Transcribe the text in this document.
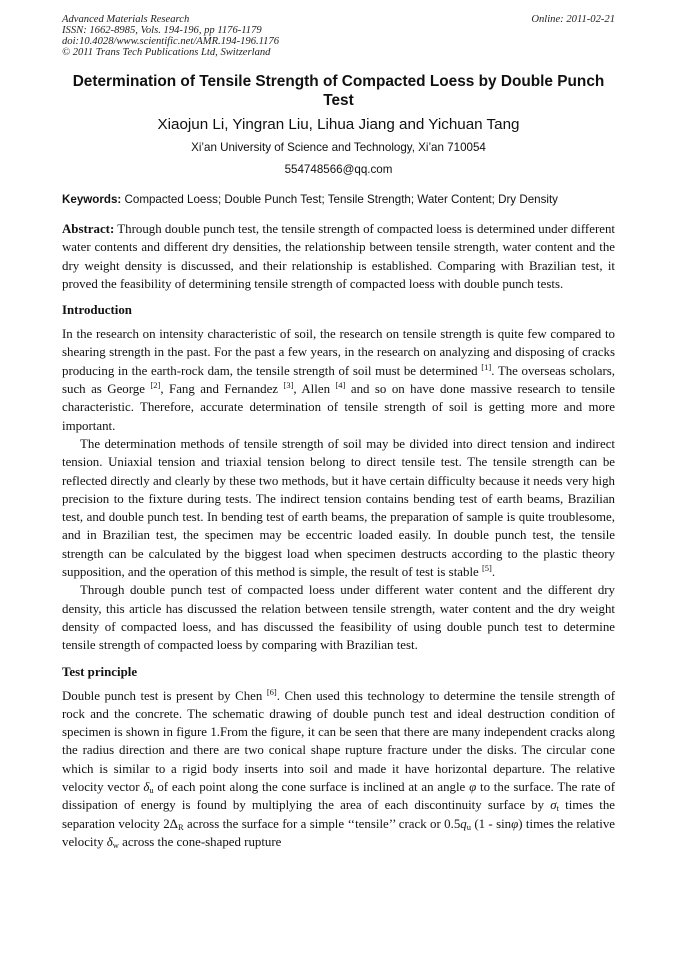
Advanced Materials Research
ISSN: 1662-8985, Vols. 194-196, pp 1176-1179
doi:10.4028/www.scientific.net/AMR.194-196.1176
© 2011 Trans Tech Publications Ltd, Switzerland
Online: 2011-02-21
Determination of Tensile Strength of Compacted Loess by Double Punch Test
Xiaojun Li, Yingran Liu, Lihua Jiang and Yichuan Tang
Xi’an University of Science and Technology, Xi’an 710054
554748566@qq.com
Keywords: Compacted Loess; Double Punch Test; Tensile Strength; Water Content; Dry Density

Abstract: Through double punch test, the tensile strength of compacted loess is determined under different water contents and different dry densities, the relationship between tensile strength, water content and the dry weight density is discussed, and their relationship is established. Comparing with Brazilian test, it proved the feasibility of determining tensile strength of compacted loess with double punch tests.

Introduction

In the research on intensity characteristic of soil, the research on tensile strength is quite few compared to shearing strength in the past. For the past a few years, in the research on analyzing and disposing of cracks producing in the earth-rock dam, the tensile strength of soil must be determined [1]. The overseas scholars, such as George [2], Fang and Fernandez [3], Allen [4] and so on have done massive research to tensile characteristic. Therefore, accurate determination of tensile strength of soil is getting more and more important.

The determination methods of tensile strength of soil may be divided into direct tension and indirect tension. Uniaxial tension and triaxial tension belong to direct tensile test. The tensile strength can be reflected directly and clearly by these two methods, but it have certain difficulty because it needs very high precision to the fixture during tests. The indirect tension contains bending test of earth beams, Brazilian test, and double punch test. In bending test of earth beams, the preparation of sample is quite troublesome, and in Brazilian test, the specimen may be eccentric loaded easily. In double punch test, the tensile strength can be calculated by the biggest load when specimen destructs according to the plastic theory supposition, and the operation of this method is simple, the result of test is stable [5].

Through double punch test of compacted loess under different water content and the different dry density, this article has discussed the relation between tensile strength, water content and the dry weight density of compacted loess, and has discussed the feasibility of using double punch test to determine tensile strength of compacted loess by comparing with Brazilian test.

Test principle

Double punch test is present by Chen [6]. Chen used this technology to determine the tensile strength of rock and the concrete. The schematic drawing of double punch test and ideal destruction condition of specimen is shown in figure 1.From the figure, it can be seen that there are many independent cracks along the radius direction and there are two conical shape rupture fracture under the disks. The circular cone which is similar to a rigid body inserts into soil and made it have horizontal departure. The relative velocity vector $\delta_u$ of each point along the cone surface is inclined at an angle φ to the surface. The rate of dissipation of energy is found by multiplying the area of each discontinuity surface by $\sigma_t$ times the separation velocity $2\Delta_R$ across the surface for a simple ‘‘tensile’’ crack or $0.5q_u$ (1 - sinφ) times the relative velocity $\delta_w$ across the cone-shaped rupture
